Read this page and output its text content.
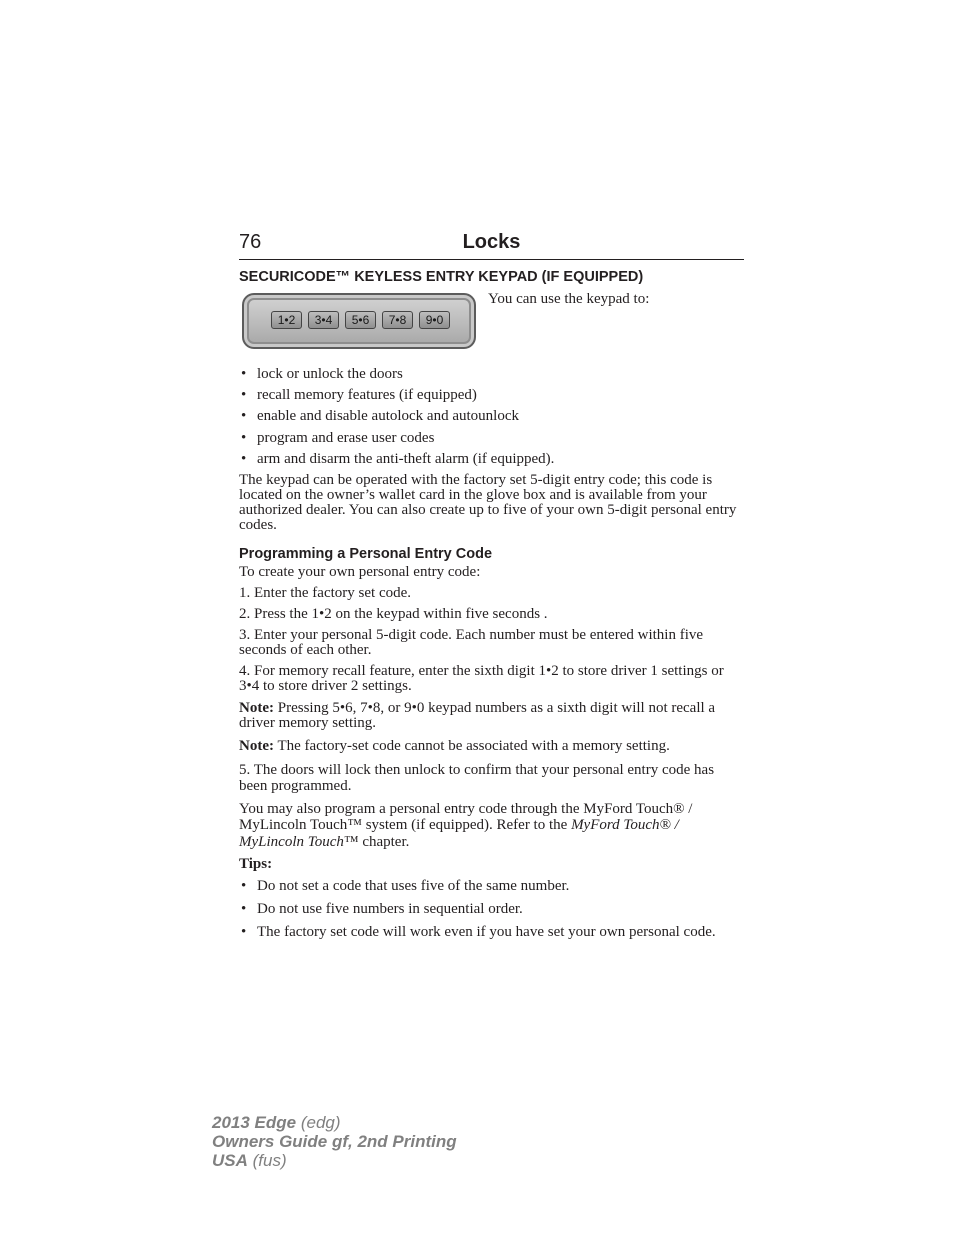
76	Locks
SECURICODE™ KEYLESS ENTRY KEYPAD (IF EQUIPPED)
1•2	3•4	5•6	7•8	9•0

You can use the keypad to:

• lock or unlock the doors
• recall memory features (if equipped)
• enable and disable autolock and autounlock
• program and erase user codes
• arm and disarm the anti-theft alarm (if equipped).

The keypad can be operated with the factory set 5-digit entry code; this code is located on the owner’s wallet card in the glove box and is available from your authorized dealer. You can also create up to five of your own 5-digit personal entry codes.

Programming a Personal Entry Code

To create your own personal entry code:

1. Enter the factory set code.

2. Press the 1•2 on the keypad within five seconds .

3. Enter your personal 5-digit code. Each number must be entered within five seconds of each other.

4. For memory recall feature, enter the sixth digit 1•2 to store driver 1 settings or 3•4 to store driver 2 settings.

Note: Pressing 5•6, 7•8, or 9•0 keypad numbers as a sixth digit will not recall a driver memory setting.

Note: The factory-set code cannot be associated with a memory setting.

5. The doors will lock then unlock to confirm that your personal entry code has been programmed.

You may also program a personal entry code through the MyFord Touch® / MyLincoln Touch™ system (if equipped). Refer to the MyFord Touch® / MyLincoln Touch™ chapter.

Tips:

• Do not set a code that uses five of the same number.
• Do not use five numbers in sequential order.
• The factory set code will work even if you have set your own personal code.
2013 Edge (edg)
Owners Guide gf, 2nd Printing
USA (fus)
